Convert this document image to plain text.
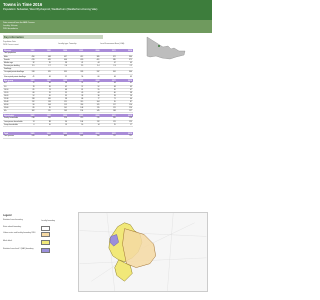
Towns in Time 2016
Population: Sebastian, West Wycheproof, Wedderburn (Wedderburn-Korong Vale)
Data sourced from the ABS Census
Locality: Victoria
2016 boundaries
Key information
Population Data
2016 Census count	Locality type: Township	Local Government Area (LGA)
Measure	1981	1991	1996	2001	2006	2011	2016
Total population							
Male	456	448	437	412	389	372	360
Female	470	459	446	420	401	385	371
Median age	32	35	38	41	44	47	49
Persons per dwelling	2.9	2.7	2.6	2.5	2.4	2.3	2.2
Dwellings							
Occupied private dwellings	318	329	335	339	337	341	344
Unoccupied private dwellings	41	46	51	56	60	64	69
Age group	1981	1991	1996	2001	2006	2011	2016
0-4	72	64	58	51	47	44	41
5-9	78	69	62	57	52	48	45
10-14	81	74	68	61	55	50	47
15-19	66	59	55	49	44	40	38
20-24	52	45	39	33	30	28	26
25-34	118	109	98	86	77	71	66
35-44	112	118	121	115	104	95	87
45-54	96	104	112	118	121	117	110
55-64	89	95	101	108	115	121	124
65+	162	170	169	154	145	148	157
Households	1981	1991	1996	2001	2006	2011	2016
Family households	238	231	226	219	211	205	198
Lone person households	74	88	96	104	112	121	129
Group households	6	10	13	16	14	15	17
Total	1981	1991	1996	2001	2006	2011	2016
Total persons	926	907	883	832	790	757	731
Legend
Statistical area boundary	Locality boundary
State suburb boundary
Urban centre and locality boundary 2016
Mesh block
Statistical area level 1 (SA1) boundary
